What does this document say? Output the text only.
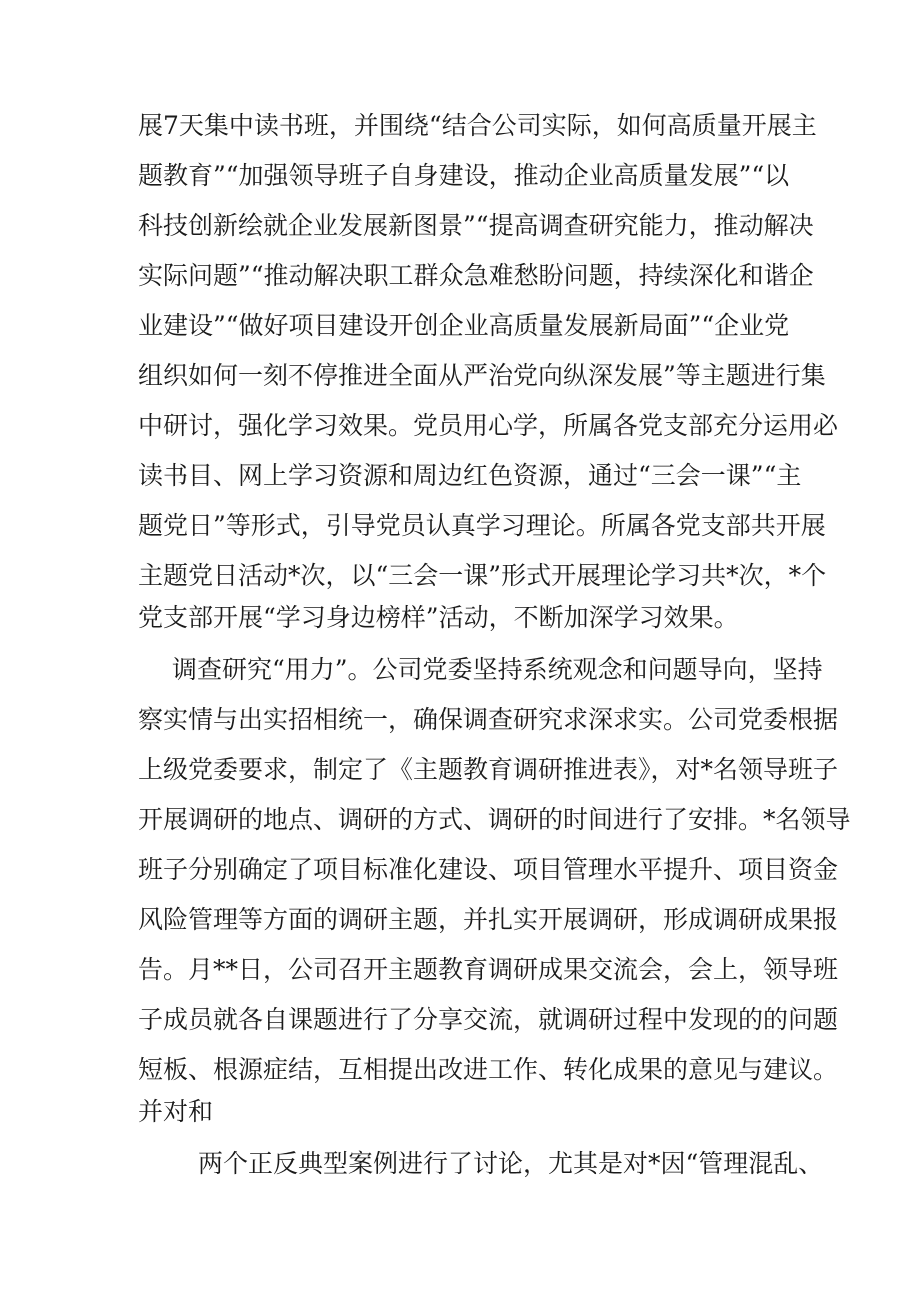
展7天集中读书班，并围绕“结合公司实际，如何高质量开展主
题教育”“加强领导班子自身建设，推动企业高质量发展”“以
科技创新绘就企业发展新图景”“提高调查研究能力，推动解决
实际问题”“推动解决职工群众急难愁盼问题，持续深化和谐企
业建设”“做好项目建设开创企业高质量发展新局面”“企业党
组织如何一刻不停推进全面从严治党向纵深发展”等主题进行集
中研讨，强化学习效果。党员用心学，所属各党支部充分运用必
读书目、网上学习资源和周边红色资源，通过“三会一课”“主
题党日”等形式，引导党员认真学习理论。所属各党支部共开展
主题党日活动*次，以“三会一课”形式开展理论学习共*次，*个
党支部开展“学习身边榜样”活动，不断加深学习效果。
调查研究“用力”。公司党委坚持系统观念和问题导向，坚持
察实情与出实招相统一，确保调查研究求深求实。公司党委根据
上级党委要求，制定了《主题教育调研推进表》，对*名领导班子
开展调研的地点、调研的方式、调研的时间进行了安排。*名领导
班子分别确定了项目标准化建设、项目管理水平提升、项目资金
风险管理等方面的调研主题，并扎实开展调研，形成调研成果报
告。月**日，公司召开主题教育调研成果交流会，会上，领导班
子成员就各自课题进行了分享交流，就调研过程中发现的的问题
短板、根源症结，互相提出改进工作、转化成果的意见与建议。
并对和
两个正反典型案例进行了讨论，尤其是对*因“管理混乱、
